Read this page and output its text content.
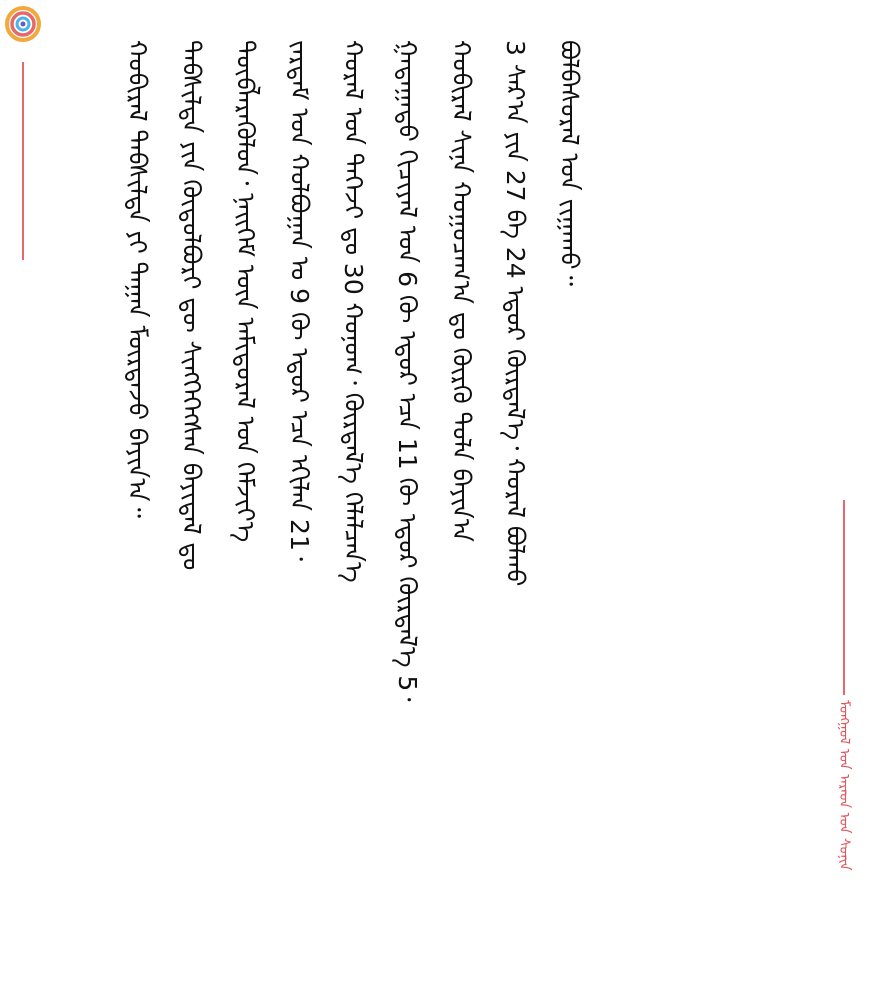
ᠮᠣᠩᠭᠣᠯ ᠤᠨ ᠠᠷᠠᠳ ᠤᠨ ᠰᠣᠨᠢᠨ
ᠬᠤᠪᠢᠷᠠᠯ ᠳᠡᠪᠰᠢᠯᠲᠡ ᠶᠢ ᠳᠠᠭᠠᠨ ᠮᠦᠷᠳᠡᠵᠦ ᠪᠠᠶᠢᠨ᠎ᠠ᠃	ᠳᠡᠪᠰᠢᠯᠲᠡ ᠶᠢᠨ ᠬᠥᠲᠥᠯᠪᠦᠷᠢ ᠳᠦ ᠰᠢᠩᠭᠡᠭᠡᠭᠰᠡᠨ ᠪᠠᠶᠢᠳᠠᠯ ᠳᠤ	ᠲᠥᠪᠯᠡᠷᠡᠭᠦᠯᠦᠨ᠂ ᠨᠡᠢᠭᠡᠮ ᠦᠨ ᠠᠮᠢᠳᠤᠷᠠᠯ ᠤᠨ ᠬᠡᠮᠵᠢᠶ᠎ᠡ	ᠵᠠᠷᠲᠠᠮ ᠤᠨ ᠬᠣᠯᠪᠣᠭᠠᠨ ᠤ 9 ᠬᠦ ᠡᠳᠦᠷ ᠡᠴᠡ ᠡᠬᠢᠯᠡᠨ 21᠂	ᠬᠤᠷᠠᠯ ᠤᠨ ᠳᠡᠭᠡᠵᠢ ᠳᠤ 30 ᠬᠣᠨᠤᠭ᠂ ᠬᠦᠷᠲᠡᠯ᠎ᠡ ᠬᠡᠯᠡᠯᠴᠡᠨ᠎ᠡ	ᠭᠠᠳᠠᠭᠠᠳᠤ ᠬᠢᠴᠢᠶᠡᠯ ᠤᠨ 6 ᠬᠦ ᠡᠳᠦᠷ ᠡᠴᠡ 11 ᠬᠦ ᠡᠳᠦᠷ ᠬᠦᠷᠲᠡᠯ᠎ᠡ 5᠂	ᠬᠤᠪᠢᠷᠠᠯ ᠰᠢᠨᠡ ᠬᠤᠭᠤᠴᠠᠭ᠎ᠠ ᠳᠤ ᠬᠦᠷᠬᠦ ᠲᠤᠯᠠ ᠪᠠᠶᠢᠨ᠎ᠠ	3 ᠰᠠᠷ᠎ᠠ ᠶᠢᠨ 27 ᠪᠠ 24 ᠡᠳᠦᠷ ᠬᠦᠷᠲᠡᠯ᠎ᠡ᠂ ᠬᠤᠷᠠᠯ ᠪᠣᠯᠬᠤ	ᠪᠣᠯᠪᠠᠰᠤᠷᠠᠯ ᠤᠨ ᠵᠢᠭᠠᠬᠤ᠃
